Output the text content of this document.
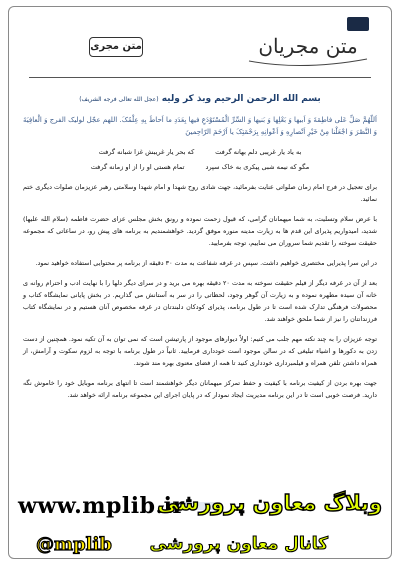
متن مجریان
متن مجری
بسم الله الرحمن الرحیم وبذ کر ولیه (عجل الله تعالی فرجه الشریف)
اَللّهُمَّ صَلِّ عَلى فاطِمَةَ وَ اَبیها وَ بَعْلِها وَ بَنیها وَ السِّرِّ الْمُسْتَوْدَعِ فیها بِعَدَدِ ما اَحاطَ بِهِ عِلْمُکَ. اللهم عجّل لولیک الفرج وَ الْعافِیَةَ وَ النَّصْرَ وَ اجْعَلْنا مِنْ خَیْرِ اَنْصارِهِ وَ اَعْوانِهِ بِرَحْمَتِکَ یا اَرْحَمَ الرّاحِمینَ
به یاد یار غریبی دلم بهانه گرفت          که بحر یار غریبش غزا شبانه گرفت
مگو که نیمه شبی پیکری به خاک سپرد          تمام هستی او را از او زمانه گرفت
برای تعجیل در فرج امام زمان صلواتی عنایت بفرمائید، جهت شادی روح شهدا و امام شهدا وسلامتی رهبر عزیزمان صلوات دیگری ختم نمائید.
با عرض سلام وتسلیت، به شما میهمانان گرامی، که قبول زحمت نموده و رونق بخش مجلس عزای حضرت فاطمه (سلام الله علیها) شدید، امیدواریم پذیرای این قدم ها به زیارت مدینه منوره موفق گردید. خواهشمندیم به برنامه های پیش رو، در ساعاتی که مجموعه حقیقت سوخته را تقدیم شما سروران می نماییم، توجه بفرمایید.
در این سرا پذیرایی مختصری خواهیم داشت. سپس در غرفه شفاعت به مدت ۳۰ دقیقه از برنامه پر محتوایی استفاده خواهید نمود.
بعد از آن در غرفه دیگر از فیلم حقیقت سوخته به مدت ۲۰ دقیقه بهره می برید و در سرای دیگر دلها را با نهایت ادب و احترام روانه ی خانه آن سیده مطهره نموده و به زیارت آن گوهر وجود، لحظاتی را در سر به آستانش می گذاریم. در بخش پایانی نمایشگاه کتاب و محصولات فرهنگی تدارک شده است تا در طول برنامه، پذیرای کودکان دلبندتان در غرفه مخصوص آنان هستیم و در نمایشگاه کتاب فرزندانتان را نیز از شما ملحق خواهند شد.
توجه عزیزان را به چند نکته مهم جلب می کنیم: اولاً دیوارهای موجود از پارتیشن است که نمی توان به آن تکیه نمود. همچنین از دست زدن به دکورها و اشیاء تبلیغی که در سالن موجود است خودداری فرمایید. ثانیاً در طول برنامه با توجه به لزوم سکوت و آرامش، از همراه داشتن تلفن همراه و فیلمبرداری خودداری کنید تا همه از فضای معنوی بهره مند شوند.
جهت بهره بردن از کیفیت برنامه با کیفیت و حفظ تمرکز میهمانان دیگر خواهشمند است تا انتهای برنامه موبایل خود را خاموش نگه دارید. فرصت خوبی است تا در این برنامه مدیریت ایجاد نمودار که در پایان اجرای این مجموعه برنامه ارائه خواهد شد.
www.mplib.ir
وبلاگ معاون پرورشی
@mplib کانال معاون پرورشی
